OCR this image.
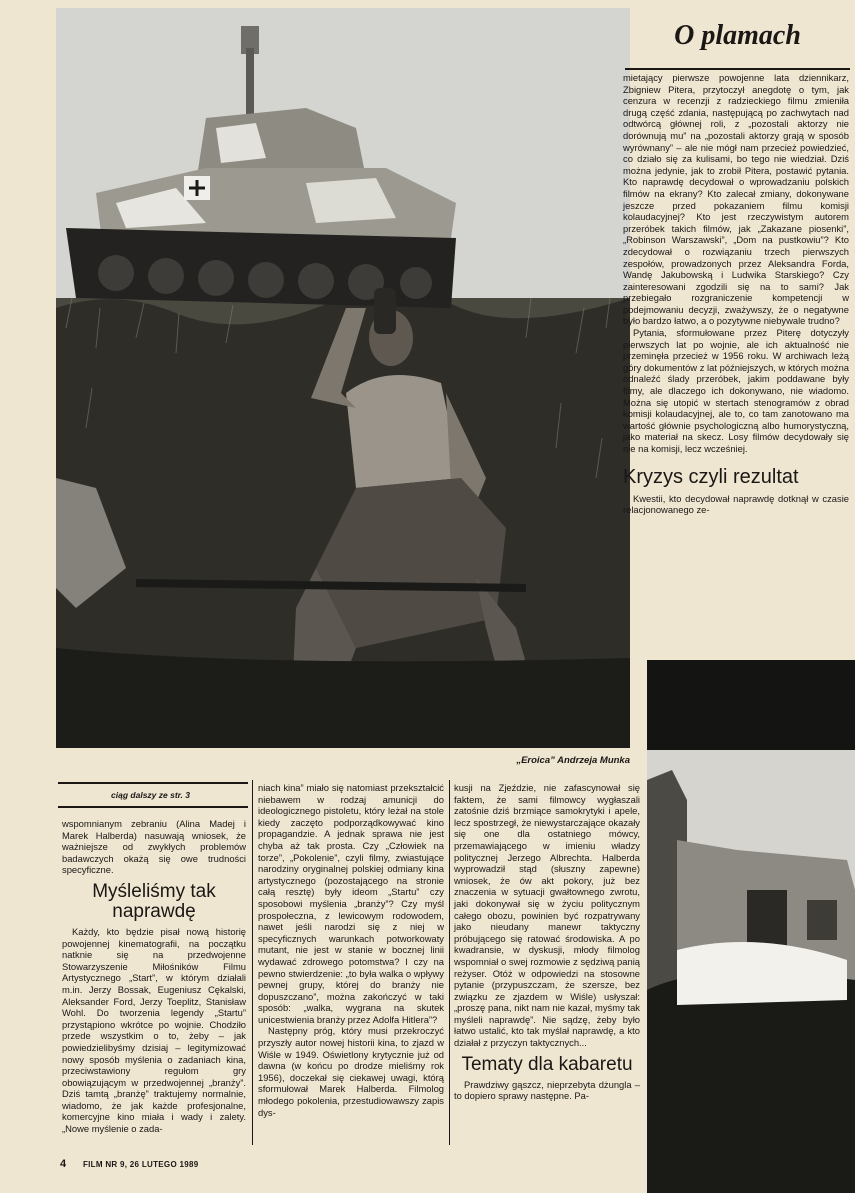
O plamach

mietający pierwsze powojenne lata dziennikarz, Zbigniew Pitera, przytoczył anegdotę o tym, jak cenzura w recenzji z radzieckiego filmu zmieniła drugą część zdania, następującą po zachwytach nad odtwórcą głównej roli, z „pozostali aktorzy nie dorównują mu” na „pozostali aktorzy grają w sposób wyrównany” – ale nie mógł nam przecież powiedzieć, co działo się za kulisami, bo tego nie wiedział. Dziś można jedynie, jak to zrobił Pitera, postawić pytania. Kto naprawdę decydował o wprowadzaniu polskich filmów na ekrany? Kto zalecał zmiany, dokonywane jeszcze przed pokazaniem filmu komisji kolaudacyjnej? Kto jest rzeczywistym autorem przeróbek takich filmów, jak „Zakazane piosenki”, „Robinson Warszawski”, „Dom na pustkowiu”? Kto zdecydował o rozwiązaniu trzech pierwszych zespołów, prowadzonych przez Aleksandra Forda, Wandę Jakubowską i Ludwika Starskiego? Czy zainteresowani zgodzili się na to sami? Jak przebiegało rozgraniczenie kompetencji w podejmowaniu decyzji, zważywszy, że o negatywne było bardzo łatwo, a o pozytywne niebywale trudno?

Pytania, sformułowane przez Piterę dotyczyły pierwszych lat po wojnie, ale ich aktualność nie przeminęła przecież w 1956 roku. W archiwach leżą góry dokumentów z lat późniejszych, w których można odnaleźć ślady przeróbek, jakim poddawane były filmy, ale dlaczego ich dokonywano, nie wiadomo. Można się utopić w stertach stenogramów z obrad komisji kolaudacyjnej, ale to, co tam zanotowano ma wartość głównie psychologiczną albo humorystyczną, jako materiał na skecz. Losy filmów decydowały się nie na komisji, lecz wcześniej.

Kryzys czyli rezultat

Kwestii, kto decydował naprawdę dotknął w czasie relacjonowanego ze-

„Eroica” Andrzeja Munka
ciąg dalszy ze str. 3

wspomnianym zebraniu (Alina Madej i Marek Halberda) nasuwają wniosek, że ważniejsze od zwykłych problemów badawczych okażą się owe trudności specyficzne.

Myśleliśmy tak naprawdę

Każdy, kto będzie pisał nową historię powojennej kinematografii, na początku natknie się na przedwojenne Stowarzyszenie Miłośników Filmu Artystycznego „Start”, w którym działali m.in. Jerzy Bossak, Eugeniusz Cękalski, Aleksander Ford, Jerzy Toeplitz, Stanisław Wohl. Do tworzenia legendy „Startu” przystąpiono wkrótce po wojnie. Chodziło przede wszystkim o to, żeby – jak powiedzielibyśmy dzisiaj – legitymizować nowy sposób myślenia o zadaniach kina, przeciwstawiony regułom gry obowiązującym w przedwojennej „branży”. Dziś tamtą „branżę” traktujemy normalnie, wiadomo, że jak każde profesjonalne, komercyjne kino miała i wady i zalety. „Nowe myślenie o zada-

niach kina” miało się natomiast przekształcić niebawem w rodzaj amunicji do ideologicznego pistoletu, który leżał na stole kiedy zaczęto podporządkowywać kino propagandzie. A jednak sprawa nie jest chyba aż tak prosta. Czy „Człowiek na torze”, „Pokolenie”, czyli filmy, zwiastujące narodziny oryginalnej polskiej odmiany kina artystycznego (pozostającego na stronie całą resztę) były ideom „Startu” czy sposobowi myślenia „branży”? Czy myśl prospołeczna, z lewicowym rodowodem, nawet jeśli narodzi się z niej w specyficznych warunkach potworkowaty mutant, nie jest w stanie w bocznej linii wydawać zdrowego potomstwa? I czy na pewno stwierdzenie: „to była walka o wpływy pewnej grupy, której do branży nie dopuszczano”, można zakończyć w taki sposób: „walka, wygrana na skutek unicestwienia branży przez Adolfa Hitlera”?

Następny próg, który musi przekroczyć przyszły autor nowej historii kina, to zjazd w Wiśle w 1949. Oświetlony krytycznie już od dawna (w końcu po drodze mieliśmy rok 1956), doczekał się ciekawej uwagi, którą sformułował Marek Halberda. Filmolog młodego pokolenia, przestudiowawszy zapis dys-

kusji na Zjeździe, nie zafascynował się faktem, że sami filmowcy wygłaszali zatośnie dziś brzmiące samokrytyki i apele, lecz spostrzegł, że niewystarczające okazały się one dla ostatniego mówcy, przemawiającego w imieniu władzy politycznej Jerzego Albrechta. Halberda wyprowadził stąd (słuszny zapewne) wniosek, że ów akt pokory, już bez znaczenia w sytuacji gwałtownego zwrotu, jaki dokonywał się w życiu politycznym całego obozu, powinien być rozpatrywany jako nieudany manewr taktyczny próbującego się ratować środowiska. A po kwadransie, w dyskusji, młody filmolog wspomniał o swej rozmowie z sędziwą panią reżyser. Otóż w odpowiedzi na stosowne pytanie (przypuszczam, że szersze, bez związku ze zjazdem w Wiśle) usłyszał: „proszę pana, nikt nam nie kazał, myśmy tak myśleli naprawdę”. Nie sądzę, żeby było łatwo ustalić, kto tak myślał naprawdę, a kto działał z przyczyn taktycznych...

Tematy dla kabaretu

Prawdziwy gąszcz, nieprzebyta dżungla – to dopiero sprawy następne. Pa-

4 FILM NR 9, 26 LUTEGO 1989
